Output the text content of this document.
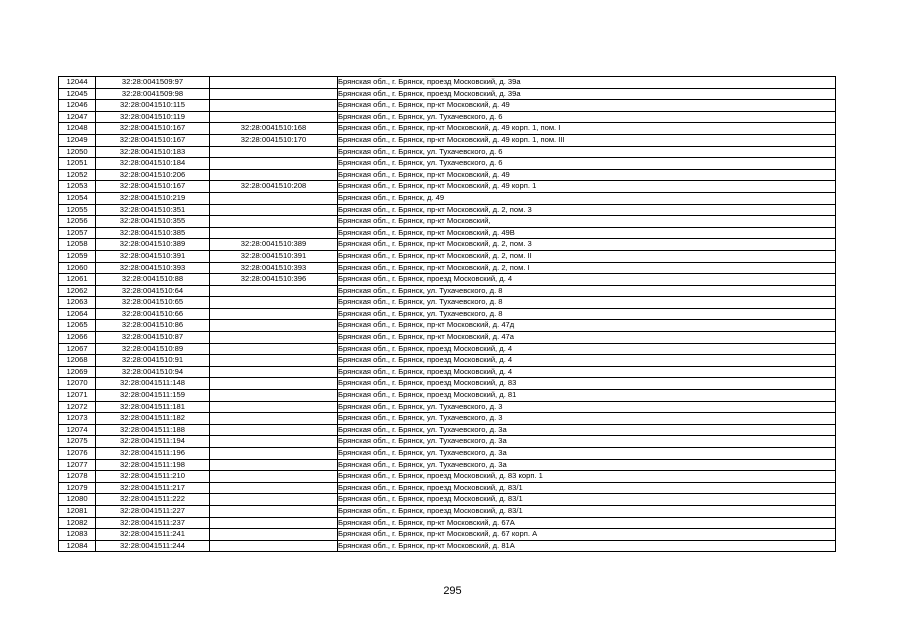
12044	32:28:0041509:97		Брянская обл., г. Брянск, проезд Московский, д. 39а
12045	32:28:0041509:98		Брянская обл., г. Брянск, проезд Московский, д. 39а
12046	32:28:0041510:115		Брянская обл., г. Брянск, пр-кт Московский, д. 49
12047	32:28:0041510:119		Брянская обл., г. Брянск, ул. Тухачевского, д. 6
12048	32:28:0041510:167	32:28:0041510:168	Брянская обл., г. Брянск, пр-кт Московский, д. 49 корп. 1, пом. I
12049	32:28:0041510:167	32:28:0041510:170	Брянская обл., г. Брянск, пр-кт Московский, д. 49 корп. 1, пом. III
12050	32:28:0041510:183		Брянская обл., г. Брянск, ул. Тухачевского, д. 6
12051	32:28:0041510:184		Брянская обл., г. Брянск, ул. Тухачевского, д. 6
12052	32:28:0041510:206		Брянская обл., г. Брянск, пр-кт Московский, д. 49
12053	32:28:0041510:167	32:28:0041510:208	Брянская обл., г. Брянск, пр-кт Московский, д. 49 корп. 1
12054	32:28:0041510:219		Брянская обл., г. Брянск, д. 49
12055	32:28:0041510:351		Брянская обл., г. Брянск, пр-кт Московский, д. 2, пом. 3
12056	32:28:0041510:355		Брянская обл., г. Брянск, пр-кт Московский,
12057	32:28:0041510:385		Брянская обл., г. Брянск, пр-кт Московский, д. 49В
12058	32:28:0041510:389	32:28:0041510:389	Брянская обл., г. Брянск, пр-кт Московский, д. 2, пом. 3
12059	32:28:0041510:391	32:28:0041510:391	Брянская обл., г. Брянск, пр-кт Московский, д. 2, пом. II
12060	32:28:0041510:393	32:28:0041510:393	Брянская обл., г. Брянск, пр-кт Московский, д. 2, пом. I
12061	32:28:0041510:88	32:28:0041510:396	Брянская обл., г. Брянск, проезд Московский, д. 4
12062	32:28:0041510:64		Брянская обл., г. Брянск, ул. Тухачевского, д. 8
12063	32:28:0041510:65		Брянская обл., г. Брянск, ул. Тухачевского, д. 8
12064	32:28:0041510:66		Брянская обл., г. Брянск, ул. Тухачевского, д. 8
12065	32:28:0041510:86		Брянская обл., г. Брянск, пр-кт Московский, д. 47д
12066	32:28:0041510:87		Брянская обл., г. Брянск, пр-кт Московский, д. 47а
12067	32:28:0041510:89		Брянская обл., г. Брянск, проезд Московский, д. 4
12068	32:28:0041510:91		Брянская обл., г. Брянск, проезд Московский, д. 4
12069	32:28:0041510:94		Брянская обл., г. Брянск, проезд Московский, д. 4
12070	32:28:0041511:148		Брянская обл., г. Брянск, проезд Московский, д. 83
12071	32:28:0041511:159		Брянская обл., г. Брянск, проезд Московский, д. 81
12072	32:28:0041511:181		Брянская обл., г. Брянск, ул. Тухачевского, д. 3
12073	32:28:0041511:182		Брянская обл., г. Брянск, ул. Тухачевского, д. 3
12074	32:28:0041511:188		Брянская обл., г. Брянск, ул. Тухачевского, д. 3а
12075	32:28:0041511:194		Брянская обл., г. Брянск, ул. Тухачевского, д. 3а
12076	32:28:0041511:196		Брянская обл., г. Брянск, ул. Тухачевского, д. 3а
12077	32:28:0041511:198		Брянская обл., г. Брянск, ул. Тухачевского, д. 3а
12078	32:28:0041511:210		Брянская обл., г. Брянск, проезд Московский, д. 83 корп. 1
12079	32:28:0041511:217		Брянская обл., г. Брянск, проезд Московский, д. 83/1
12080	32:28:0041511:222		Брянская обл., г. Брянск, проезд Московский, д. 83/1
12081	32:28:0041511:227		Брянская обл., г. Брянск, проезд Московский, д. 83/1
12082	32:28:0041511:237		Брянская обл., г. Брянск, пр-кт Московский, д. 67А
12083	32:28:0041511:241		Брянская обл., г. Брянск, пр-кт Московский, д. 67 корп. А
12084	32:28:0041511:244		Брянская обл., г. Брянск, пр-кт Московский, д. 81А
295
